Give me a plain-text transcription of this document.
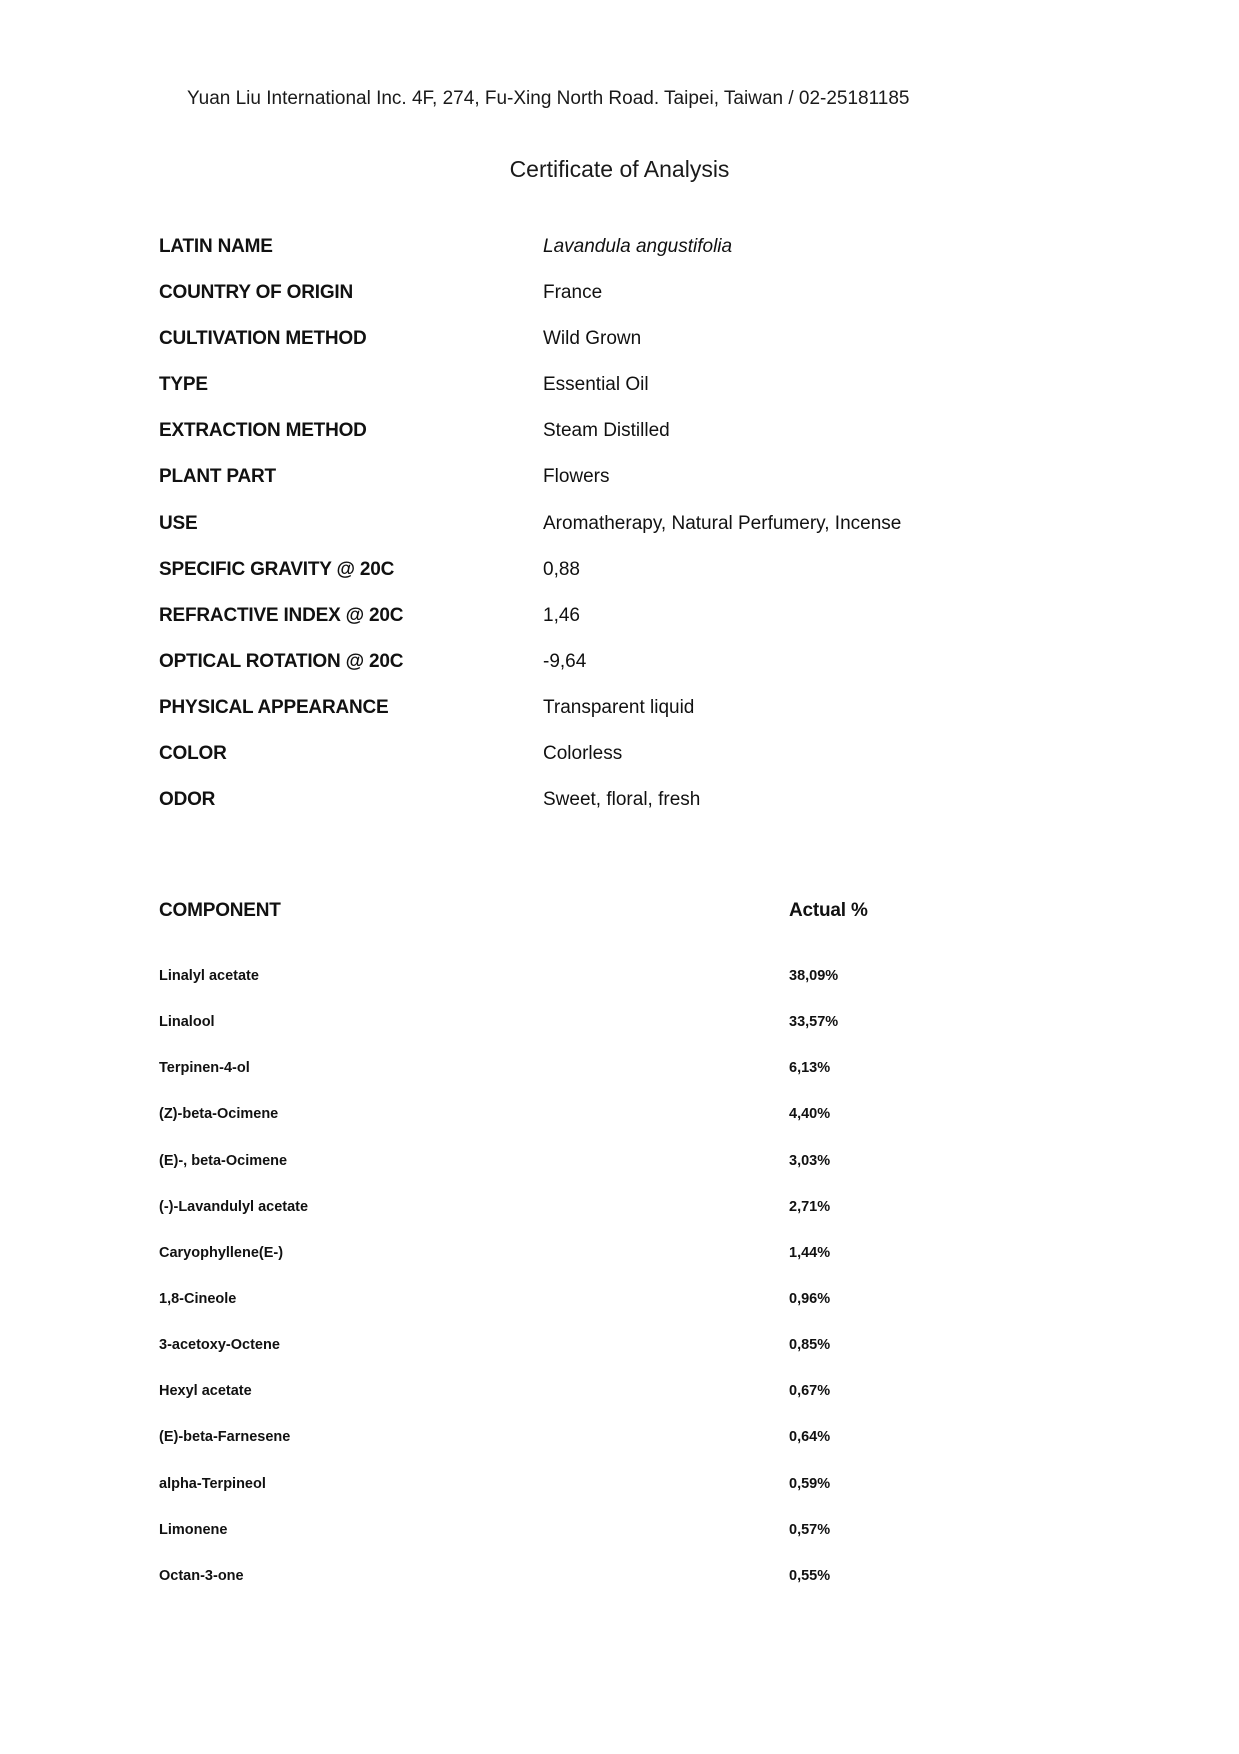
Yuan Liu International Inc. 4F, 274, Fu-Xing North Road. Taipei, Taiwan / 02-25181185
Certificate of Analysis
LATIN NAME	Lavandula angustifolia
COUNTRY OF ORIGIN	France
CULTIVATION METHOD	Wild Grown
TYPE	Essential Oil
EXTRACTION METHOD	Steam Distilled
PLANT PART	Flowers
USE	Aromatherapy, Natural Perfumery, Incense
SPECIFIC GRAVITY @ 20C	0,88
REFRACTIVE INDEX @ 20C	1,46
OPTICAL ROTATION @ 20C	-9,64
PHYSICAL APPEARANCE	Transparent liquid
COLOR	Colorless
ODOR	Sweet, floral, fresh
COMPONENT	Actual %
Linalyl acetate	38,09%
Linalool	33,57%
Terpinen-4-ol	6,13%
(Z)-beta-Ocimene	4,40%
(E)-, beta-Ocimene	3,03%
(-)-Lavandulyl acetate	2,71%
Caryophyllene(E-)	1,44%
1,8-Cineole	0,96%
3-acetoxy-Octene	0,85%
Hexyl acetate	0,67%
(E)-beta-Farnesene	0,64%
alpha-Terpineol	0,59%
Limonene	0,57%
Octan-3-one	0,55%
